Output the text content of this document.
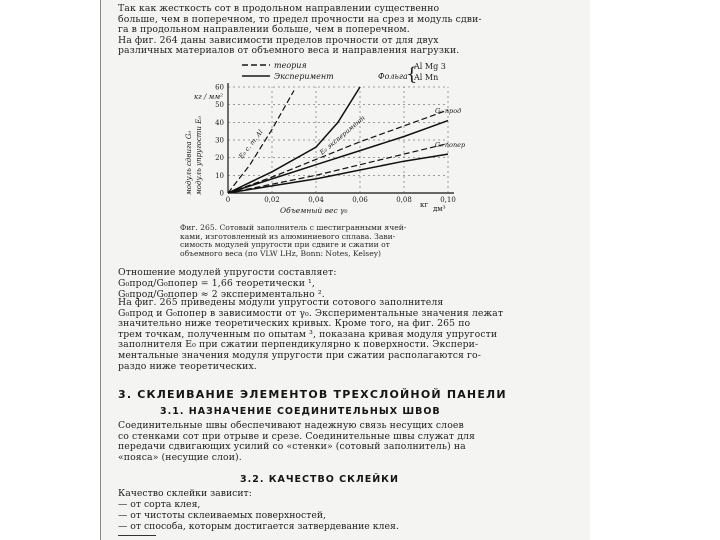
Так как жесткость сот в продольном направлении существенно
больше, чем в поперечном, то предел прочности на срез и модуль сдви-
га в продольном направлении больше, чем в поперечном.
На фиг. 264 даны зависимости пределов прочности от для двух
различных материалов от объемного веса и направления нагрузки.
0
10
20
30
40
50
60
0	0,02	0,04	0,06	0,08	0,10
теория
Эксперимент	Фольга
{
Al Mg 3
Al Mn
кг / мм²
модуль сдвига G₀ модуль упругости E₀
Объемный вес γ₀
кг дм³
E₀ с. т. Al	E₀ эксперимент
G₀ прод
G₀ попер
Фиг. 265. Сотовый заполнитель с шестигранными ячей-
ками, изготовленный из алюминиевого сплава. Зави-
симость модулей упругости при сдвиге и сжатии от
объемного веса (по VLW LHz, Bonn: Notes, Kelsey)
Отношение модулей упругости составляет:
G₀прод/G₀попер = 1,66 теоретически ¹,
G₀прод/G₀попер ≈ 2 экспериментально ².
На фиг. 265 приведены модули упругости сотового заполнителя
G₀прод и G₀попер в зависимости от γ₀. Экспериментальные значения лежат
значительно ниже теоретических кривых. Кроме того, на фиг. 265 по
трем точкам, полученным по опытам ³, показана кривая модуля упругости
заполнителя E₀ при сжатии перпендикулярно к поверхности. Экспери-
ментальные значения модуля упругости при сжатии располагаются го-
раздо ниже теоретических.
3. СКЛЕИВАНИЕ ЭЛЕМЕНТОВ ТРЕХСЛОЙНОЙ ПАНЕЛИ
3.1. НАЗНАЧЕНИЕ СОЕДИНИТЕЛЬНЫХ ШВОВ
Соединительные швы обеспечивают надежную связь несущих слоев
со стенками сот при отрыве и срезе. Соединительные швы служат для
передачи сдвигающих усилий со «стенки» (сотовый заполнитель) на
«пояса» (несущие слои).
3.2. КАЧЕСТВО СКЛЕЙКИ
Качество склейки зависит:
— от сорта клея,
— от чистоты склеиваемых поверхностей,
— от способа, которым достигается затвердевание клея.
